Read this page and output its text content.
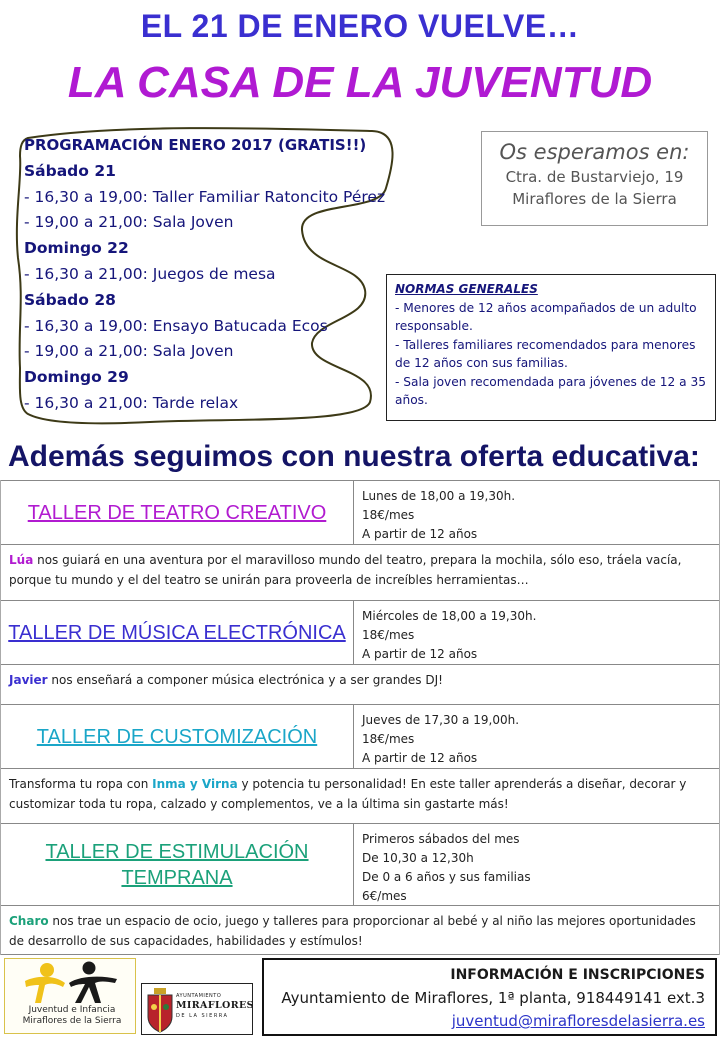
EL 21 DE ENERO VUELVE…
LA CASA DE LA JUVENTUD
PROGRAMACIÓN ENERO 2017 (GRATIS!!)
Sábado 21
- 16,30 a 19,00: Taller Familiar Ratoncito Pérez
- 19,00 a 21,00: Sala Joven
Domingo 22
- 16,30 a 21,00: Juegos de mesa
Sábado 28
- 16,30 a 19,00: Ensayo Batucada Ecos
- 19,00 a 21,00: Sala Joven
Domingo 29
- 16,30 a 21,00: Tarde relax
Os esperamos en:
Ctra. de Bustarviejo, 19
Miraflores de la Sierra
NORMAS GENERALES
- Menores de 12 años acompañados de un adulto responsable.
- Talleres familiares recomendados para menores de 12 años con sus familias.
- Sala joven recomendada para jóvenes de 12 a 35 años.
Además seguimos con nuestra oferta educativa:
TALLER DE TEATRO CREATIVO
Lunes de 18,00 a 19,30h.
18€/mes
A partir de 12 años
Lúa nos guiará en una aventura por el maravilloso mundo del teatro, prepara la mochila, sólo eso, tráela vacía, porque tu mundo y el del teatro se unirán para proveerla de increíbles herramientas…
TALLER DE MÚSICA ELECTRÓNICA
Miércoles de 18,00 a 19,30h.
18€/mes
A partir de 12 años
Javier nos enseñará a componer música electrónica y a ser grandes DJ!
TALLER DE CUSTOMIZACIÓN
Jueves de 17,30 a 19,00h.
18€/mes
A partir de 12 años
Transforma tu ropa con Inma y Virna y potencia tu personalidad! En este taller aprenderás a diseñar, decorar y customizar toda tu ropa, calzado y complementos, ve a la última sin gastarte más!
TALLER DE ESTIMULACIÓN TEMPRANA
Primeros sábados del mes
De 10,30 a 12,30h
De 0 a 6 años y sus familias
6€/mes
Charo nos trae un espacio de ocio, juego y talleres para proporcionar al bebé y al niño las mejores oportunidades de desarrollo de sus capacidades, habilidades y estímulos!
Juventud e Infancia
Miraflores de la Sierra
AYUNTAMIENTO
MIRAFLORES
DE LA SIERRA
INFORMACIÓN E INSCRIPCIONES
Ayuntamiento de Miraflores, 1ª planta, 918449141 ext.3
juventud@mirafloresdelasierra.es
